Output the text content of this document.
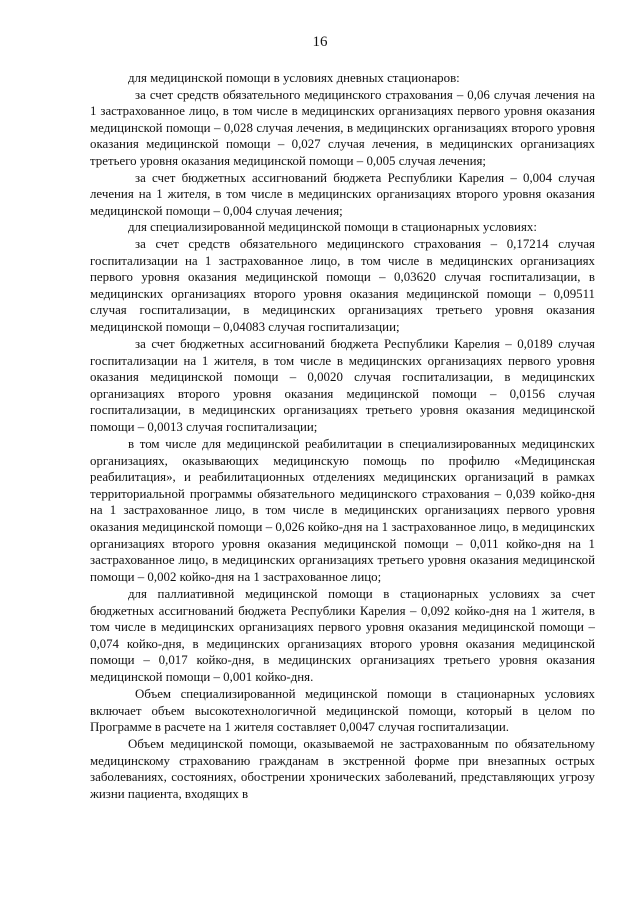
16

для медицинской помощи в условиях дневных стационаров:

за счет средств обязательного медицинского страхования – 0,06 случая лечения на 1 застрахованное лицо, в том числе в медицинских организациях первого уровня оказания медицинской помощи – 0,028 случая лечения, в медицинских организациях второго уровня оказания медицинской помощи – 0,027 случая лечения, в медицинских организациях третьего уровня оказания медицинской помощи – 0,005 случая лечения;

за счет бюджетных ассигнований бюджета Республики Карелия – 0,004 случая лечения на 1 жителя, в том числе в медицинских организациях второго уровня оказания медицинской помощи – 0,004 случая лечения;

для специализированной медицинской помощи в стационарных условиях:

за счет средств обязательного медицинского страхования – 0,17214 случая госпитализации на 1 застрахованное лицо, в том числе в медицинских организациях первого уровня оказания медицинской помощи – 0,03620 случая госпитализации, в медицинских организациях второго уровня оказания медицинской помощи – 0,09511 случая госпитализации, в медицинских организациях третьего уровня оказания медицинской помощи – 0,04083 случая госпитализации;

за счет бюджетных ассигнований бюджета Республики Карелия – 0,0189 случая госпитализации на 1 жителя, в том числе в медицинских организациях первого уровня оказания медицинской помощи – 0,0020 случая госпитализации, в медицинских организациях второго уровня оказания медицинской помощи – 0,0156 случая госпитализации, в медицинских организациях третьего уровня оказания медицинской помощи – 0,0013 случая госпитализации;

в том числе для медицинской реабилитации в специализированных медицинских организациях, оказывающих медицинскую помощь по профилю «Медицинская реабилитация», и реабилитационных отделениях медицинских организаций в рамках территориальной программы обязательного медицинского страхования – 0,039 койко-дня на 1 застрахованное лицо, в том числе в медицинских организациях первого уровня оказания медицинской помощи – 0,026 койко-дня на 1 застрахованное лицо, в медицинских организациях второго уровня оказания медицинской помощи – 0,011 койко-дня на 1 застрахованное лицо, в медицинских организациях третьего уровня оказания медицинской помощи – 0,002 койко-дня на 1 застрахованное лицо;

для паллиативной медицинской помощи в стационарных условиях за счет бюджетных ассигнований бюджета Республики Карелия – 0,092 койко-дня на 1 жителя, в том числе в медицинских организациях первого уровня оказания медицинской помощи – 0,074 койко-дня, в медицинских организациях второго уровня оказания медицинской помощи – 0,017 койко-дня, в медицинских организациях третьего уровня оказания медицинской помощи – 0,001 койко-дня.

Объем специализированной медицинской помощи в стационарных условиях включает объем высокотехнологичной медицинской помощи, который в целом по Программе в расчете на 1 жителя составляет 0,0047 случая госпитализации.

Объем медицинской помощи, оказываемой не застрахованным по обязательному медицинскому страхованию гражданам в экстренной форме при внезапных острых заболеваниях, состояниях, обострении хронических заболеваний, представляющих угрозу жизни пациента, входящих в
